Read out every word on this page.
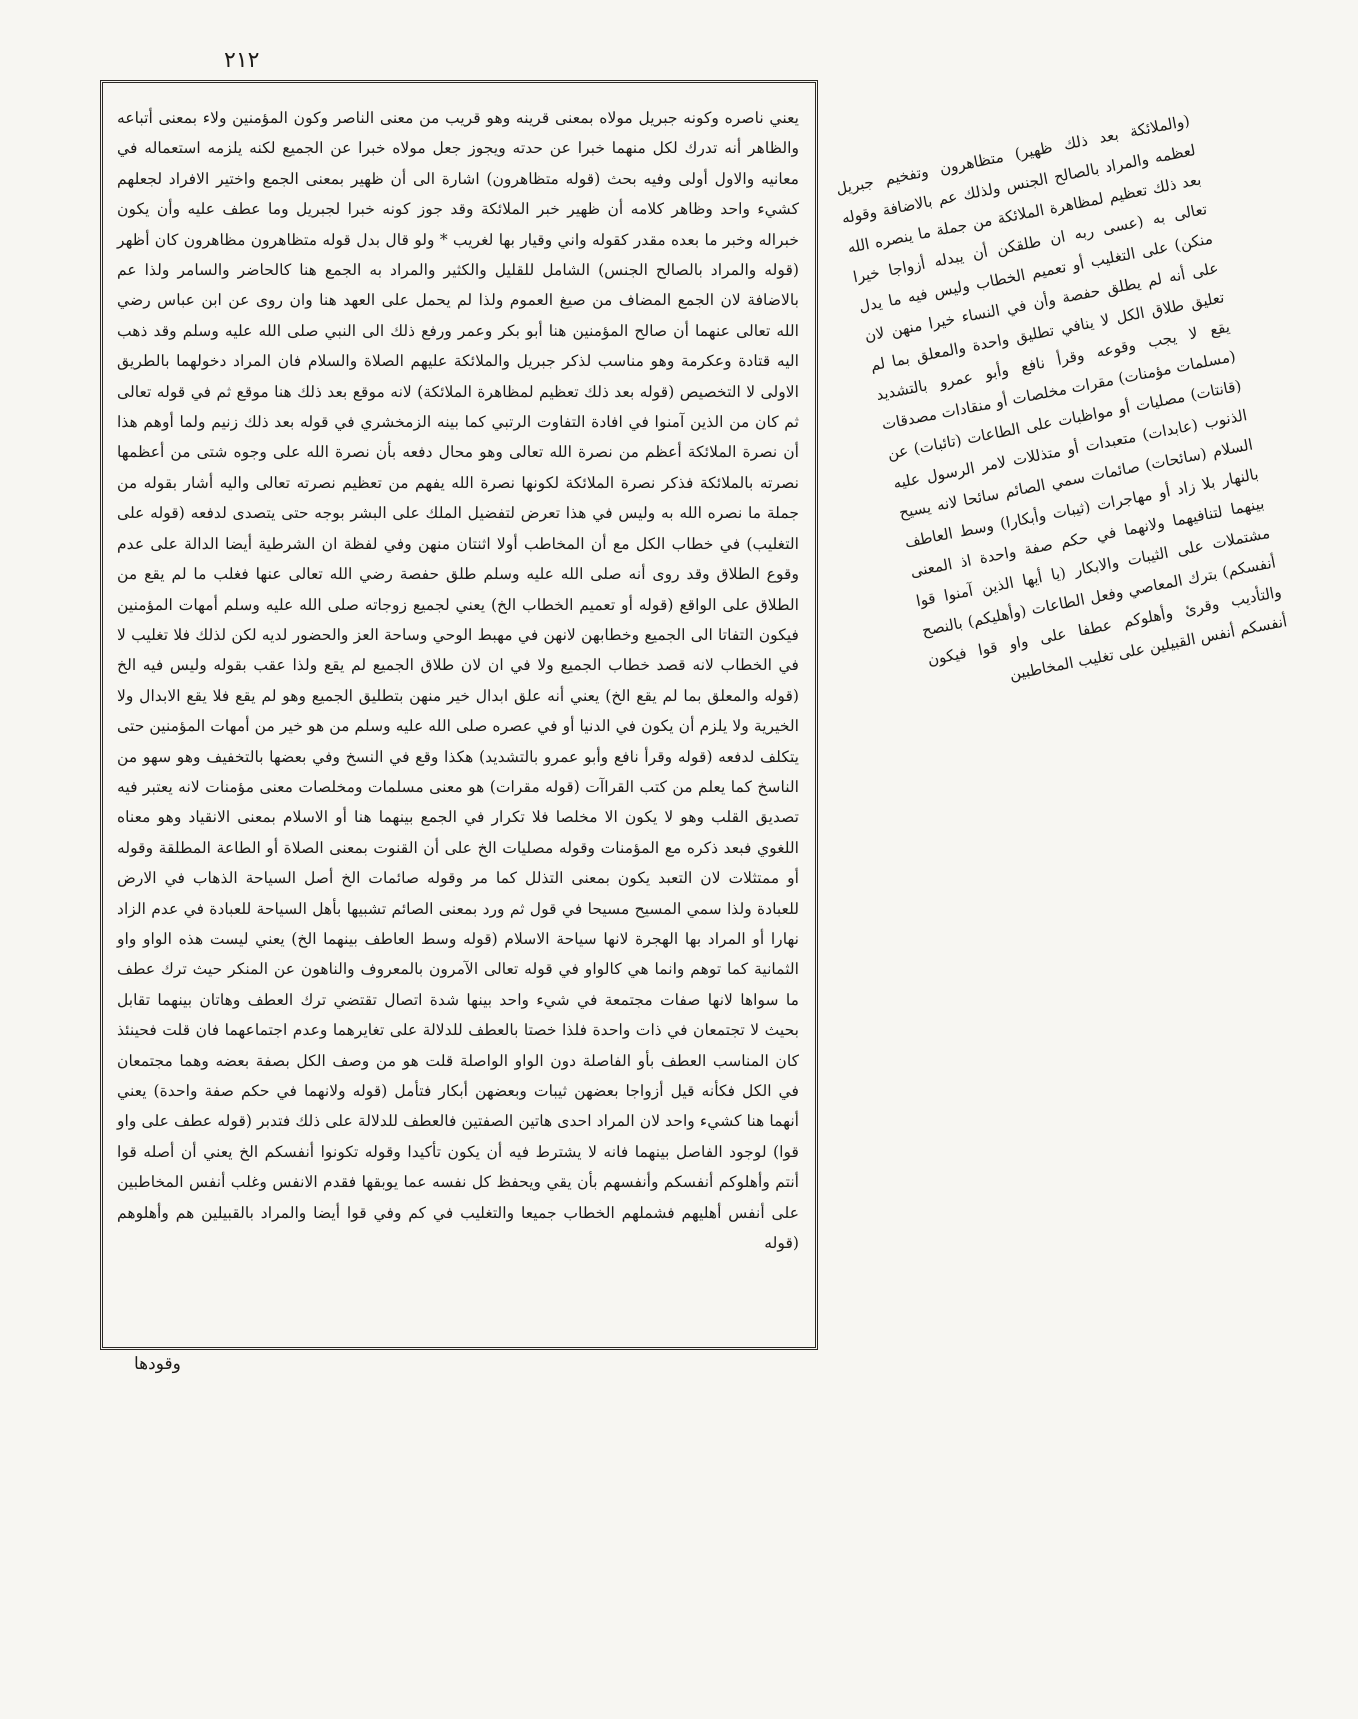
٢١٢

يعني ناصره وكونه جبريل مولاه بمعنى قرينه وهو قريب من معنى الناصر وكون المؤمنين ولاء بمعنى أتباعه والظاهر أنه تدرك لكل منهما خبرا عن حدته ويجوز جعل مولاه خبرا عن الجميع لكنه يلزمه استعماله في معانيه والاول أولى وفيه بحث (قوله متظاهرون) اشارة الى أن ظهير بمعنى الجمع واختير الافراد لجعلهم كشيء واحد وظاهر كلامه أن ظهير خبر الملائكة وقد جوز كونه خبرا لجبريل وما عطف عليه وأن يكون خبراله وخبر ما بعده مقدر كقوله واني وقيار بها لغريب * ولو قال بدل قوله متظاهرون مظاهرون كان أظهر (قوله والمراد بالصالح الجنس) الشامل للقليل والكثير والمراد به الجمع هنا كالحاضر والسامر ولذا عم بالاضافة لان الجمع المضاف من صيغ العموم ولذا لم يحمل على العهد هنا وان روى عن ابن عباس رضي الله تعالى عنهما أن صالح المؤمنين هنا أبو بكر وعمر ورفع ذلك الى النبي صلى الله عليه وسلم وقد ذهب اليه قتادة وعكرمة وهو مناسب لذكر جبريل والملائكة عليهم الصلاة والسلام فان المراد دخولهما بالطريق الاولى لا التخصيص (قوله بعد ذلك تعظيم لمظاهرة الملائكة) لانه موقع بعد ذلك هنا موقع ثم في قوله تعالى ثم كان من الذين آمنوا في افادة التفاوت الرتبي كما بينه الزمخشري في قوله بعد ذلك زنيم ولما أوهم هذا أن نصرة الملائكة أعظم من نصرة الله تعالى وهو محال دفعه بأن نصرة الله على وجوه شتى من أعظمها نصرته بالملائكة فذكر نصرة الملائكة لكونها نصرة الله يفهم من تعظيم نصرته تعالى واليه أشار بقوله من جملة ما نصره الله به وليس في هذا تعرض لتفضيل الملك على البشر بوجه حتى يتصدى لدفعه (قوله على التغليب) في خطاب الكل مع أن المخاطب أولا اثنتان منهن وفي لفظة ان الشرطية أيضا الدالة على عدم وقوع الطلاق وقد روى أنه صلى الله عليه وسلم طلق حفصة رضي الله تعالى عنها فغلب ما لم يقع من الطلاق على الواقع (قوله أو تعميم الخطاب الخ) يعني لجميع زوجاته صلى الله عليه وسلم أمهات المؤمنين فيكون التفاتا الى الجميع وخطابهن لانهن في مهبط الوحي وساحة العز والحضور لديه لكن لذلك فلا تغليب لا في الخطاب لانه قصد خطاب الجميع ولا في ان لان طلاق الجميع لم يقع ولذا عقب بقوله وليس فيه الخ (قوله والمعلق بما لم يقع الخ) يعني أنه علق ابدال خير منهن بتطليق الجميع وهو لم يقع فلا يقع الابدال ولا الخيرية ولا يلزم أن يكون في الدنيا أو في عصره صلى الله عليه وسلم من هو خير من أمهات المؤمنين حتى يتكلف لدفعه (قوله وقرأ نافع وأبو عمرو بالتشديد) هكذا وقع في النسخ وفي بعضها بالتخفيف وهو سهو من الناسخ كما يعلم من كتب القراآت (قوله مقرات) هو معنى مسلمات ومخلصات معنى مؤمنات لانه يعتبر فيه تصديق القلب وهو لا يكون الا مخلصا فلا تكرار في الجمع بينهما هنا أو الاسلام بمعنى الانقياد وهو معناه اللغوي فبعد ذكره مع المؤمنات وقوله مصليات الخ على أن القنوت بمعنى الصلاة أو الطاعة المطلقة وقوله أو ممتثلات لان التعبد يكون بمعنى التذلل كما مر وقوله صائمات الخ أصل السياحة الذهاب في الارض للعبادة ولذا سمي المسيح مسيحا في قول ثم ورد بمعنى الصائم تشبيها بأهل السياحة للعبادة في عدم الزاد نهارا أو المراد بها الهجرة لانها سياحة الاسلام (قوله وسط العاطف بينهما الخ) يعني ليست هذه الواو واو الثمانية كما توهم وانما هي كالواو في قوله تعالى الآمرون بالمعروف والناهون عن المنكر حيث ترك عطف ما سواها لانها صفات مجتمعة في شيء واحد بينها شدة اتصال تقتضي ترك العطف وهاتان بينهما تقابل بحيث لا تجتمعان في ذات واحدة فلذا خصتا بالعطف للدلالة على تغايرهما وعدم اجتماعهما فان قلت فحينئذ كان المناسب العطف بأو الفاصلة دون الواو الواصلة قلت هو من وصف الكل بصفة بعضه وهما مجتمعان في الكل فكأنه قيل أزواجا بعضهن ثيبات وبعضهن أبكار فتأمل (قوله ولانهما في حكم صفة واحدة) يعني أنهما هنا كشيء واحد لان المراد احدى هاتين الصفتين فالعطف للدلالة على ذلك فتدبر (قوله عطف على واو قوا) لوجود الفاصل بينهما فانه لا يشترط فيه أن يكون تأكيدا وقوله تكونوا أنفسكم الخ يعني أن أصله قوا أنتم وأهلوكم أنفسكم وأنفسهم بأن يقي ويحفظ كل نفسه عما يوبقها فقدم الانفس وغلب أنفس المخاطبين على أنفس أهليهم فشملهم الخطاب جميعا والتغليب في كم وفي قوا أيضا والمراد بالقبيلين هم وأهلوهم (قوله

(والملائكة بعد ذلك ظهير) متظاهرون وتفخيم جبريل لعظمه والمراد بالصالح الجنس ولذلك عم بالاضافة وقوله بعد ذلك تعظيم لمظاهرة الملائكة من جملة ما ينصره الله تعالى به (عسى ربه ان طلقكن أن يبدله أزواجا خيرا منكن) على التغليب أو تعميم الخطاب وليس فيه ما يدل على أنه لم يطلق حفصة وأن في النساء خيرا منهن لان تعليق طلاق الكل لا ينافي تطليق واحدة والمعلق بما لم يقع لا يجب وقوعه وقرأ نافع وأبو عمرو بالتشديد (مسلمات مؤمنات) مقرات مخلصات أو منقادات مصدقات (قانتات) مصليات أو مواظبات على الطاعات (تائبات) عن الذنوب (عابدات) متعبدات أو متذللات لامر الرسول عليه السلام (سائحات) صائمات سمي الصائم سائحا لانه يسيح بالنهار بلا زاد أو مهاجرات (ثيبات وأبكارا) وسط العاطف بينهما لتنافيهما ولانهما في حكم صفة واحدة اذ المعنى مشتملات على الثيبات والابكار (يا أيها الذين آمنوا قوا أنفسكم) بترك المعاصي وفعل الطاعات (وأهليكم) بالنصح والتأديب وقرئ وأهلوكم عطفا على واو قوا فيكون أنفسكم أنفس القبيلين على تغليب المخاطبين
وقودها
